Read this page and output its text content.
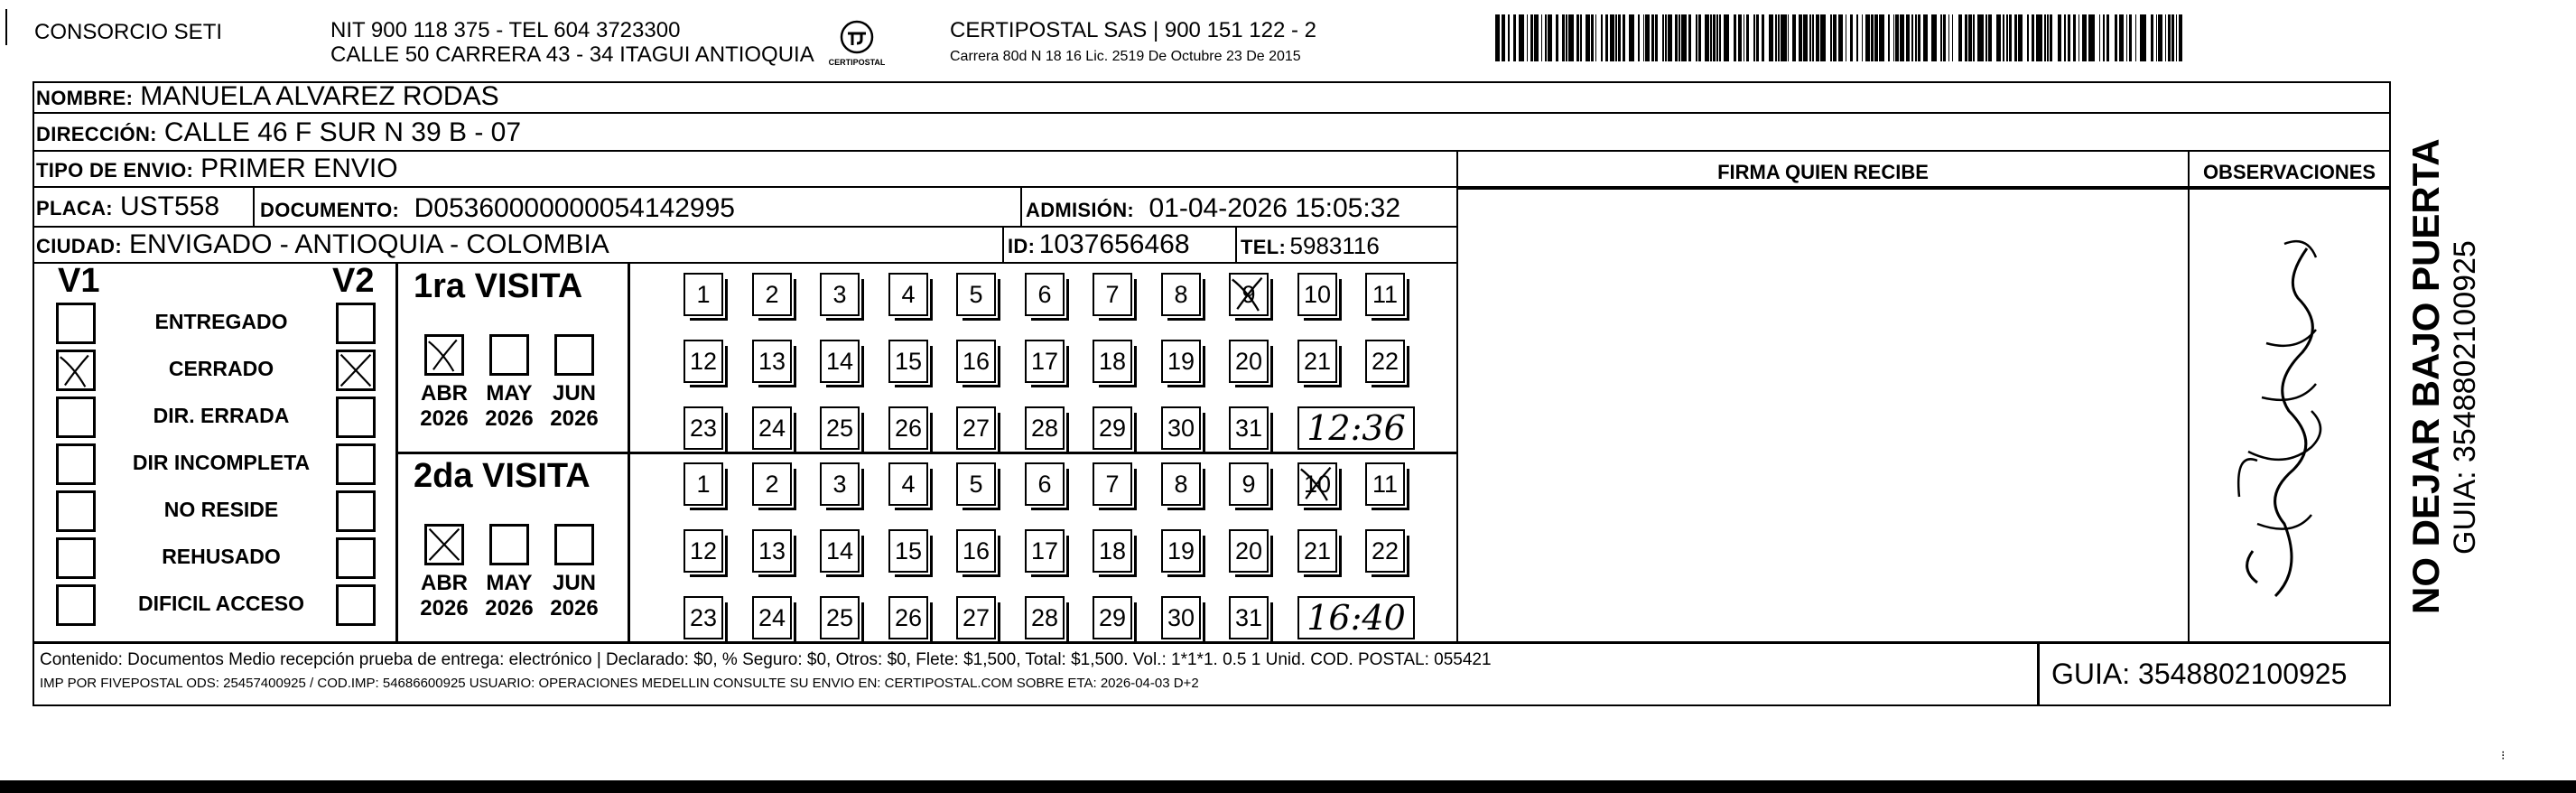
CONSORCIO SETI	NIT 900 118 375 - TEL 604 3723300
CALLE 50 CARRERA 43 - 34 ITAGUI ANTIOQUIA CERTIPOSTAL
CERTIPOSTAL SAS | 900 151 122 - 2
Carrera 80d N 18 16 Lic. 2519 De Octubre 23 De 2015
NOMBRE: MANUELA ALVAREZ RODAS
DIRECCIÓN: CALLE 46 F SUR N 39 B - 07
TIPO DE ENVIO: PRIMER ENVIO
PLACA: UST558	DOCUMENTO: D05360000000054142995	ADMISIÓN: 01-04-2026 15:05:32
CIUDAD: ENVIGADO - ANTIOQUIA - COLOMBIA	ID: 1037656468	TEL: 5983116
FIRMA QUIEN RECIBE	OBSERVACIONES
V1	V2
ENTREGADO
CERRADO
DIR. ERRADA
DIR INCOMPLETA
NO RESIDE
REHUSADO
DIFICIL ACCESO
1ra VISITA
ABR
2026
MAY
2026
JUN
2026
1	2	3	4	5	6	7	8	9	10 11
12 13 14 15 16 17 18 19 20 21 22
23 24 25 26 27 28 29 30 31 12:36
2da VISITA
ABR
2026
MAY
2026
JUN
2026
1	2	3	4	5	6	7	8	9	10 11
12 13 14 15 16 17 18 19 20 21 22
23 24 25 26 27 28 29 30 31 16:40
Contenido: Documentos Medio recepción prueba de entrega: electrónico | Declarado: $0, % Seguro: $0, Otros: $0, Flete: $1,500, Total: $1,500. Vol.: 1*1*1. 0.5 1 Unid. COD. POSTAL: 055421
IMP POR FIVEPOSTAL ODS: 25457400925 / COD.IMP: 54686600925 USUARIO: OPERACIONES MEDELLIN CONSULTE SU ENVIO EN: CERTIPOSTAL.COM SOBRE ETA: 2026-04-03 D+2	GUIA: 3548802100925
NO DEJAR BAJO PUERTA GUIA: 3548802100925
⁝
